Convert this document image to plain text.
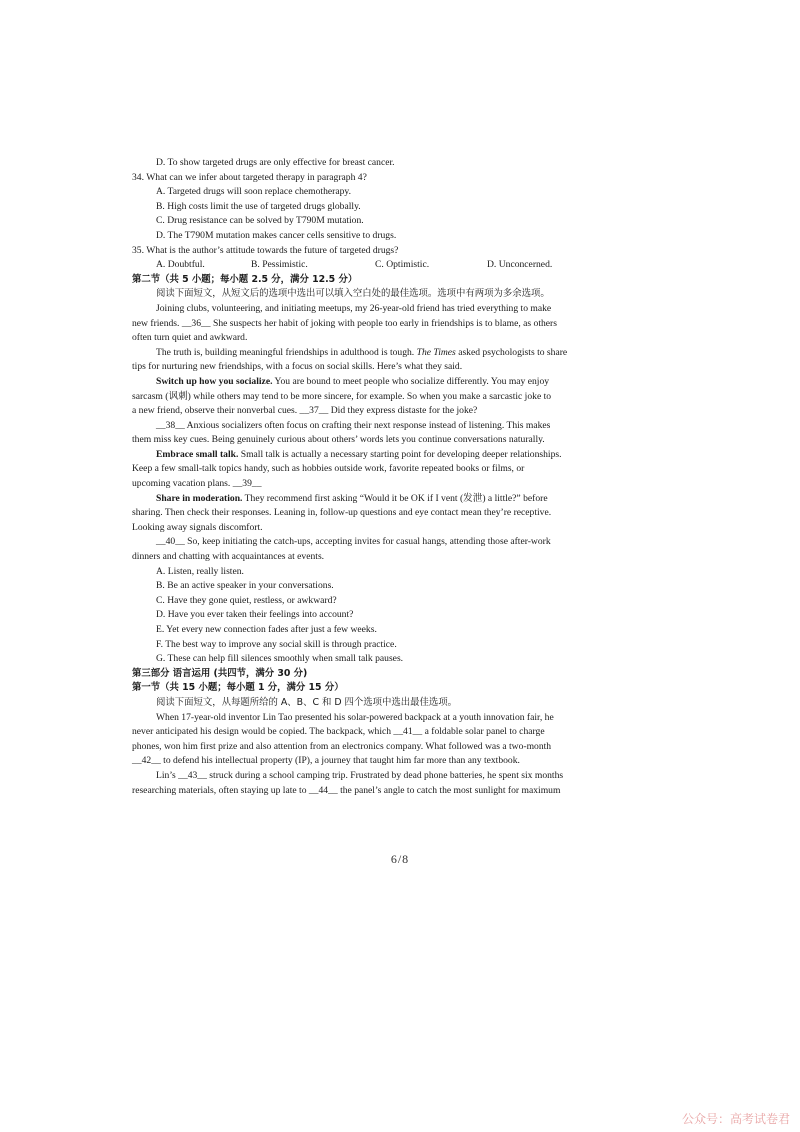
D. To show targeted drugs are only effective for breast cancer.
34. What can we infer about targeted therapy in paragraph 4?
A. Targeted drugs will soon replace chemotherapy.
B. High costs limit the use of targeted drugs globally.
C. Drug resistance can be solved by T790M mutation.
D. The T790M mutation makes cancer cells sensitive to drugs.
35. What is the author’s attitude towards the future of targeted drugs?
A. Doubtful.	B. Pessimistic.	C. Optimistic.	D. Unconcerned.
第二节（共 5 小题；每小题 2.5 分，满分 12.5 分）
阅读下面短文，从短文后的选项中选出可以填入空白处的最佳选项。选项中有两项为多余选项。
Joining clubs, volunteering, and initiating meetups, my 26-year-old friend has tried everything to make
new friends. __36__ She suspects her habit of joking with people too early in friendships is to blame, as others
often turn quiet and awkward.
The truth is, building meaningful friendships in adulthood is tough. The Times asked psychologists to share
tips for nurturing new friendships, with a focus on social skills. Here’s what they said.
Switch up how you socialize. You are bound to meet people who socialize differently. You may enjoy
sarcasm (讽刺) while others may tend to be more sincere, for example. So when you make a sarcastic joke to
a new friend, observe their nonverbal cues. __37__ Did they express distaste for the joke?
__38__ Anxious socializers often focus on crafting their next response instead of listening. This makes
them miss key cues. Being genuinely curious about others’ words lets you continue conversations naturally.
Embrace small talk. Small talk is actually a necessary starting point for developing deeper relationships.
Keep a few small-talk topics handy, such as hobbies outside work, favorite repeated books or films, or
upcoming vacation plans. __39__
Share in moderation. They recommend first asking “Would it be OK if I vent (发泄) a little?” before
sharing. Then check their responses. Leaning in, follow-up questions and eye contact mean they’re receptive.
Looking away signals discomfort.
__40__ So, keep initiating the catch-ups, accepting invites for casual hangs, attending those after-work
dinners and chatting with acquaintances at events.
A. Listen, really listen.
B. Be an active speaker in your conversations.
C. Have they gone quiet, restless, or awkward?
D. Have you ever taken their feelings into account?
E. Yet every new connection fades after just a few weeks.
F. The best way to improve any social skill is through practice.
G. These can help fill silences smoothly when small talk pauses.
第三部分 语言运用 (共四节，满分 30 分)
第一节（共 15 小题；每小题 1 分，满分 15 分）
阅读下面短文，从每题所给的 A、B、C 和 D 四个选项中选出最佳选项。
When 17-year-old inventor Lin Tao presented his solar-powered backpack at a youth innovation fair, he
never anticipated his design would be copied. The backpack, which __41__ a foldable solar panel to charge
phones, won him first prize and also attention from an electronics company. What followed was a two-month
__42__ to defend his intellectual property (IP), a journey that taught him far more than any textbook.
Lin’s __43__ struck during a school camping trip. Frustrated by dead phone batteries, he spent six months
researching materials, often staying up late to __44__ the panel’s angle to catch the most sunlight for maximum
6/8
公众号：高考试卷君
